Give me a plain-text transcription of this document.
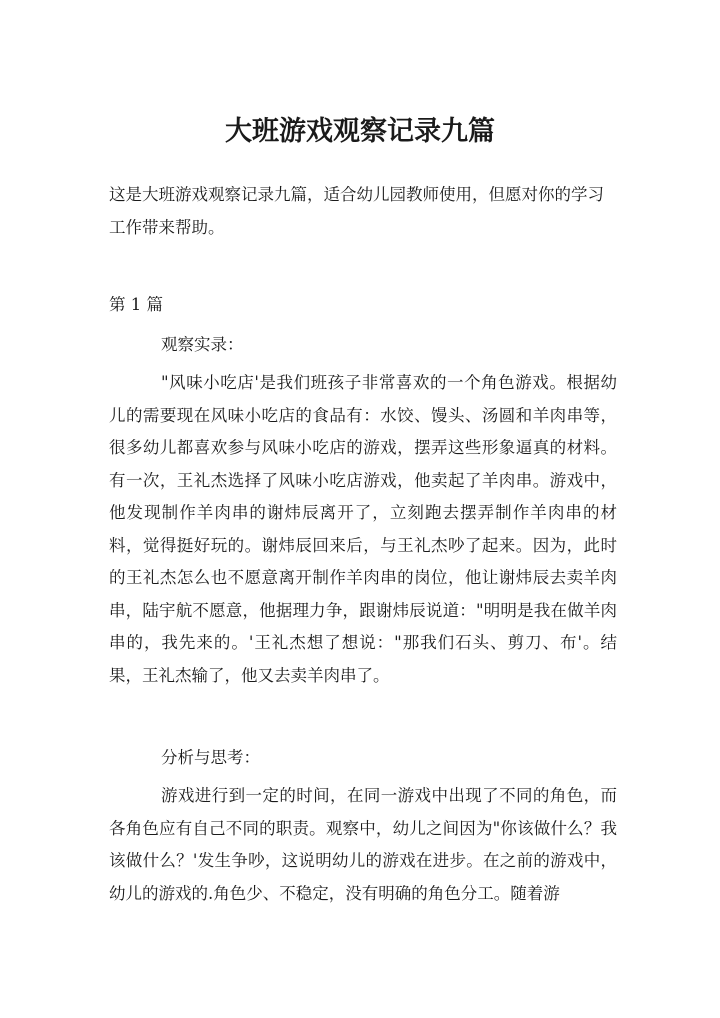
大班游戏观察记录九篇

这是大班游戏观察记录九篇，适合幼儿园教师使用，但愿对你的学习工作带来帮助。

第 1 篇

观察实录：

"风味小吃店'是我们班孩子非常喜欢的一个角色游戏。根据幼儿的需要现在风味小吃店的食品有：水饺、馒头、汤圆和羊肉串等，很多幼儿都喜欢参与风味小吃店的游戏，摆弄这些形象逼真的材料。有一次，王礼杰选择了风味小吃店游戏，他卖起了羊肉串。游戏中，他发现制作羊肉串的谢炜辰离开了，立刻跑去摆弄制作羊肉串的材料，觉得挺好玩的。谢炜辰回来后，与王礼杰吵了起来。因为，此时的王礼杰怎么也不愿意离开制作羊肉串的岗位，他让谢炜辰去卖羊肉串，陆宇航不愿意，他据理力争，跟谢炜辰说道："明明是我在做羊肉串的，我先来的。'王礼杰想了想说："那我们石头、剪刀、布'。结果，王礼杰输了，他又去卖羊肉串了。

分析与思考：

游戏进行到一定的时间，在同一游戏中出现了不同的角色，而各角色应有自己不同的职责。观察中，幼儿之间因为"你该做什么？我该做什么？'发生争吵，这说明幼儿的游戏在进步。在之前的游戏中，幼儿的游戏的.角色少、不稳定，没有明确的角色分工。随着游
